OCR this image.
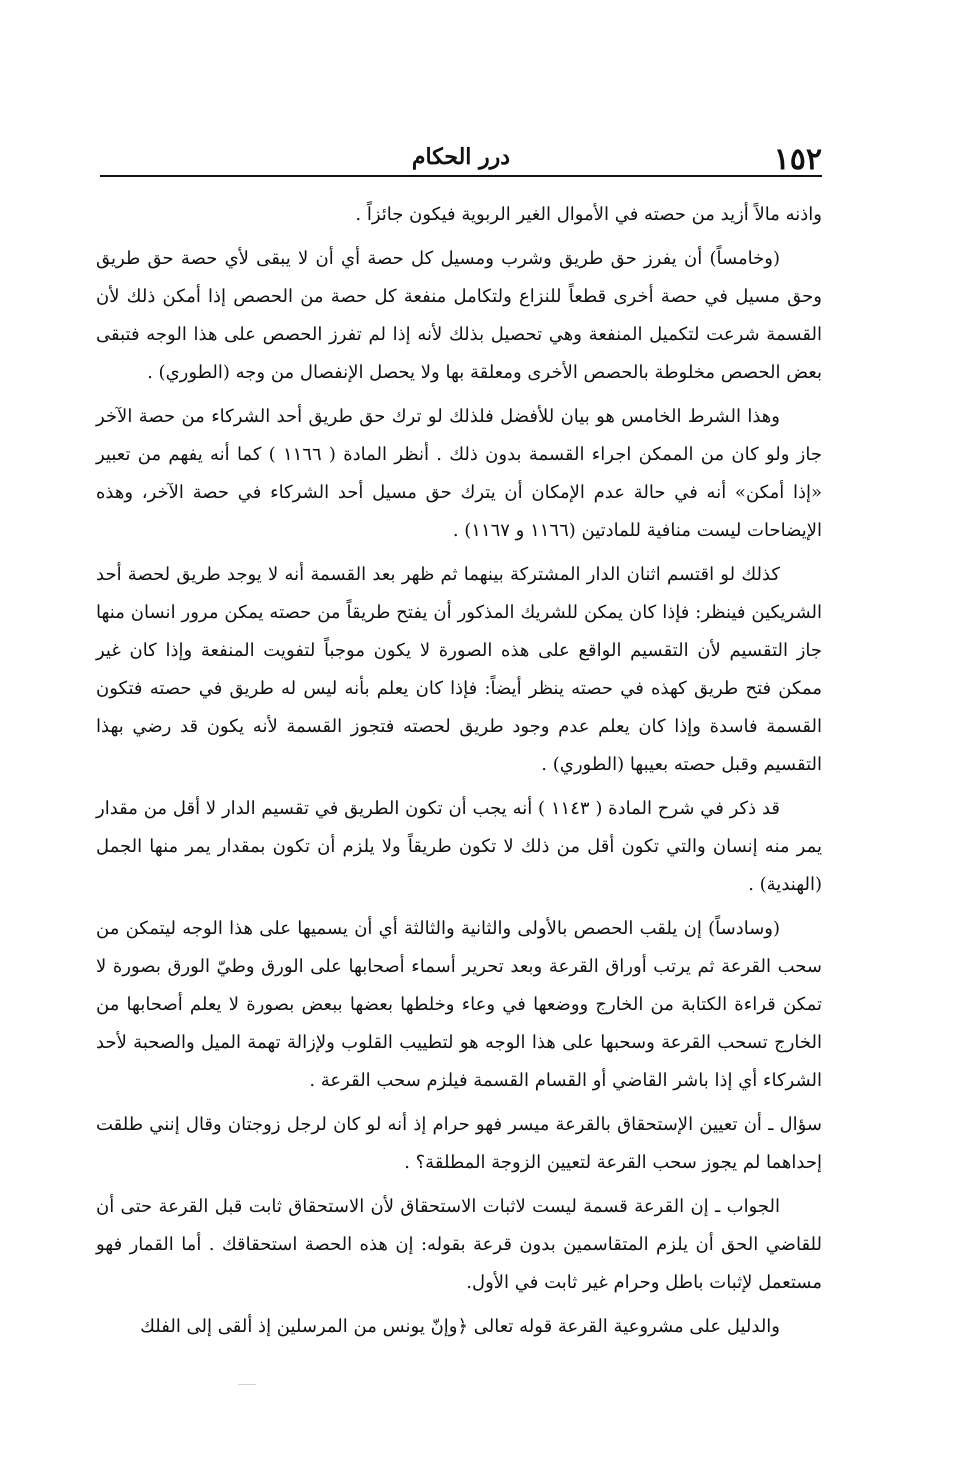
١٥٢
درر الحكام

واذنه مالاً أزيد من حصته في الأموال الغير الربوية فيكون جائزاً .

(وخامساً) أن يفرز حق طريق وشرب ومسيل كل حصة أي أن لا يبقى لأي حصة حق طريق وحق مسيل في حصة أخرى قطعاً للنزاع ولتكامل منفعة كل حصة من الحصص إذا أمكن ذلك لأن القسمة شرعت لتكميل المنفعة وهي تحصيل بذلك لأنه إذا لم تفرز الحصص على هذا الوجه فتبقى بعض الحصص مخلوطة بالحصص الأخرى ومعلقة بها ولا يحصل الإنفصال من وجه (الطوري) .

وهذا الشرط الخامس هو بيان للأفضل فلذلك لو ترك حق طريق أحد الشركاء من حصة الآخر جاز ولو كان من الممكن اجراء القسمة بدون ذلك . أنظر المادة ( ١١٦٦ ) كما أنه يفهم من تعبير «إذا أمكن» أنه في حالة عدم الإمكان أن يترك حق مسيل أحد الشركاء في حصة الآخر، وهذه الإيضاحات ليست منافية للمادتين (١١٦٦ و ١١٦٧) .

كذلك لو اقتسم اثنان الدار المشتركة بينهما ثم ظهر بعد القسمة أنه لا يوجد طريق لحصة أحد الشريكين فينظر: فإذا كان يمكن للشريك المذكور أن يفتح طريقاً من حصته يمكن مرور انسان منها جاز التقسيم لأن التقسيم الواقع على هذه الصورة لا يكون موجباً لتفويت المنفعة وإذا كان غير ممكن فتح طريق كهذه في حصته ينظر أيضاً: فإذا كان يعلم بأنه ليس له طريق في حصته فتكون القسمة فاسدة وإذا كان يعلم عدم وجود طريق لحصته فتجوز القسمة لأنه يكون قد رضي بهذا التقسيم وقبل حصته بعيبها (الطوري) .

قد ذكر في شرح المادة ( ١١٤٣ ) أنه يجب أن تكون الطريق في تقسيم الدار لا أقل من مقدار يمر منه إنسان والتي تكون أقل من ذلك لا تكون طريقاً ولا يلزم أن تكون بمقدار يمر منها الجمل (الهندية) .

(وسادساً) إن يلقب الحصص بالأولى والثانية والثالثة أي أن يسميها على هذا الوجه ليتمكن من سحب القرعة ثم يرتب أوراق القرعة وبعد تحرير أسماء أصحابها على الورق وطيّ الورق بصورة لا تمكن قراءة الكتابة من الخارج ووضعها في وعاء وخلطها بعضها ببعض بصورة لا يعلم أصحابها من الخارج تسحب القرعة وسحبها على هذا الوجه هو لتطييب القلوب ولإزالة تهمة الميل والصحبة لأحد الشركاء أي إذا باشر القاضي أو القسام القسمة فيلزم سحب القرعة .

سؤال ـ أن تعيين الإستحقاق بالقرعة ميسر فهو حرام إذ أنه لو كان لرجل زوجتان وقال إنني طلقت إحداهما لم يجوز سحب القرعة لتعيين الزوجة المطلقة؟ .

الجواب ـ إن القرعة قسمة ليست لاثبات الاستحقاق لأن الاستحقاق ثابت قبل القرعة حتى أن للقاضي الحق أن يلزم المتقاسمين بدون قرعة بقوله: إن هذه الحصة استحقاقك . أما القمار فهو مستعمل لإثبات باطل وحرام غير ثابت في الأول.

والدليل على مشروعية القرعة قوله تعالى ﴿وإنّ يونس من المرسلين إذ ألقى إلى الفلك
